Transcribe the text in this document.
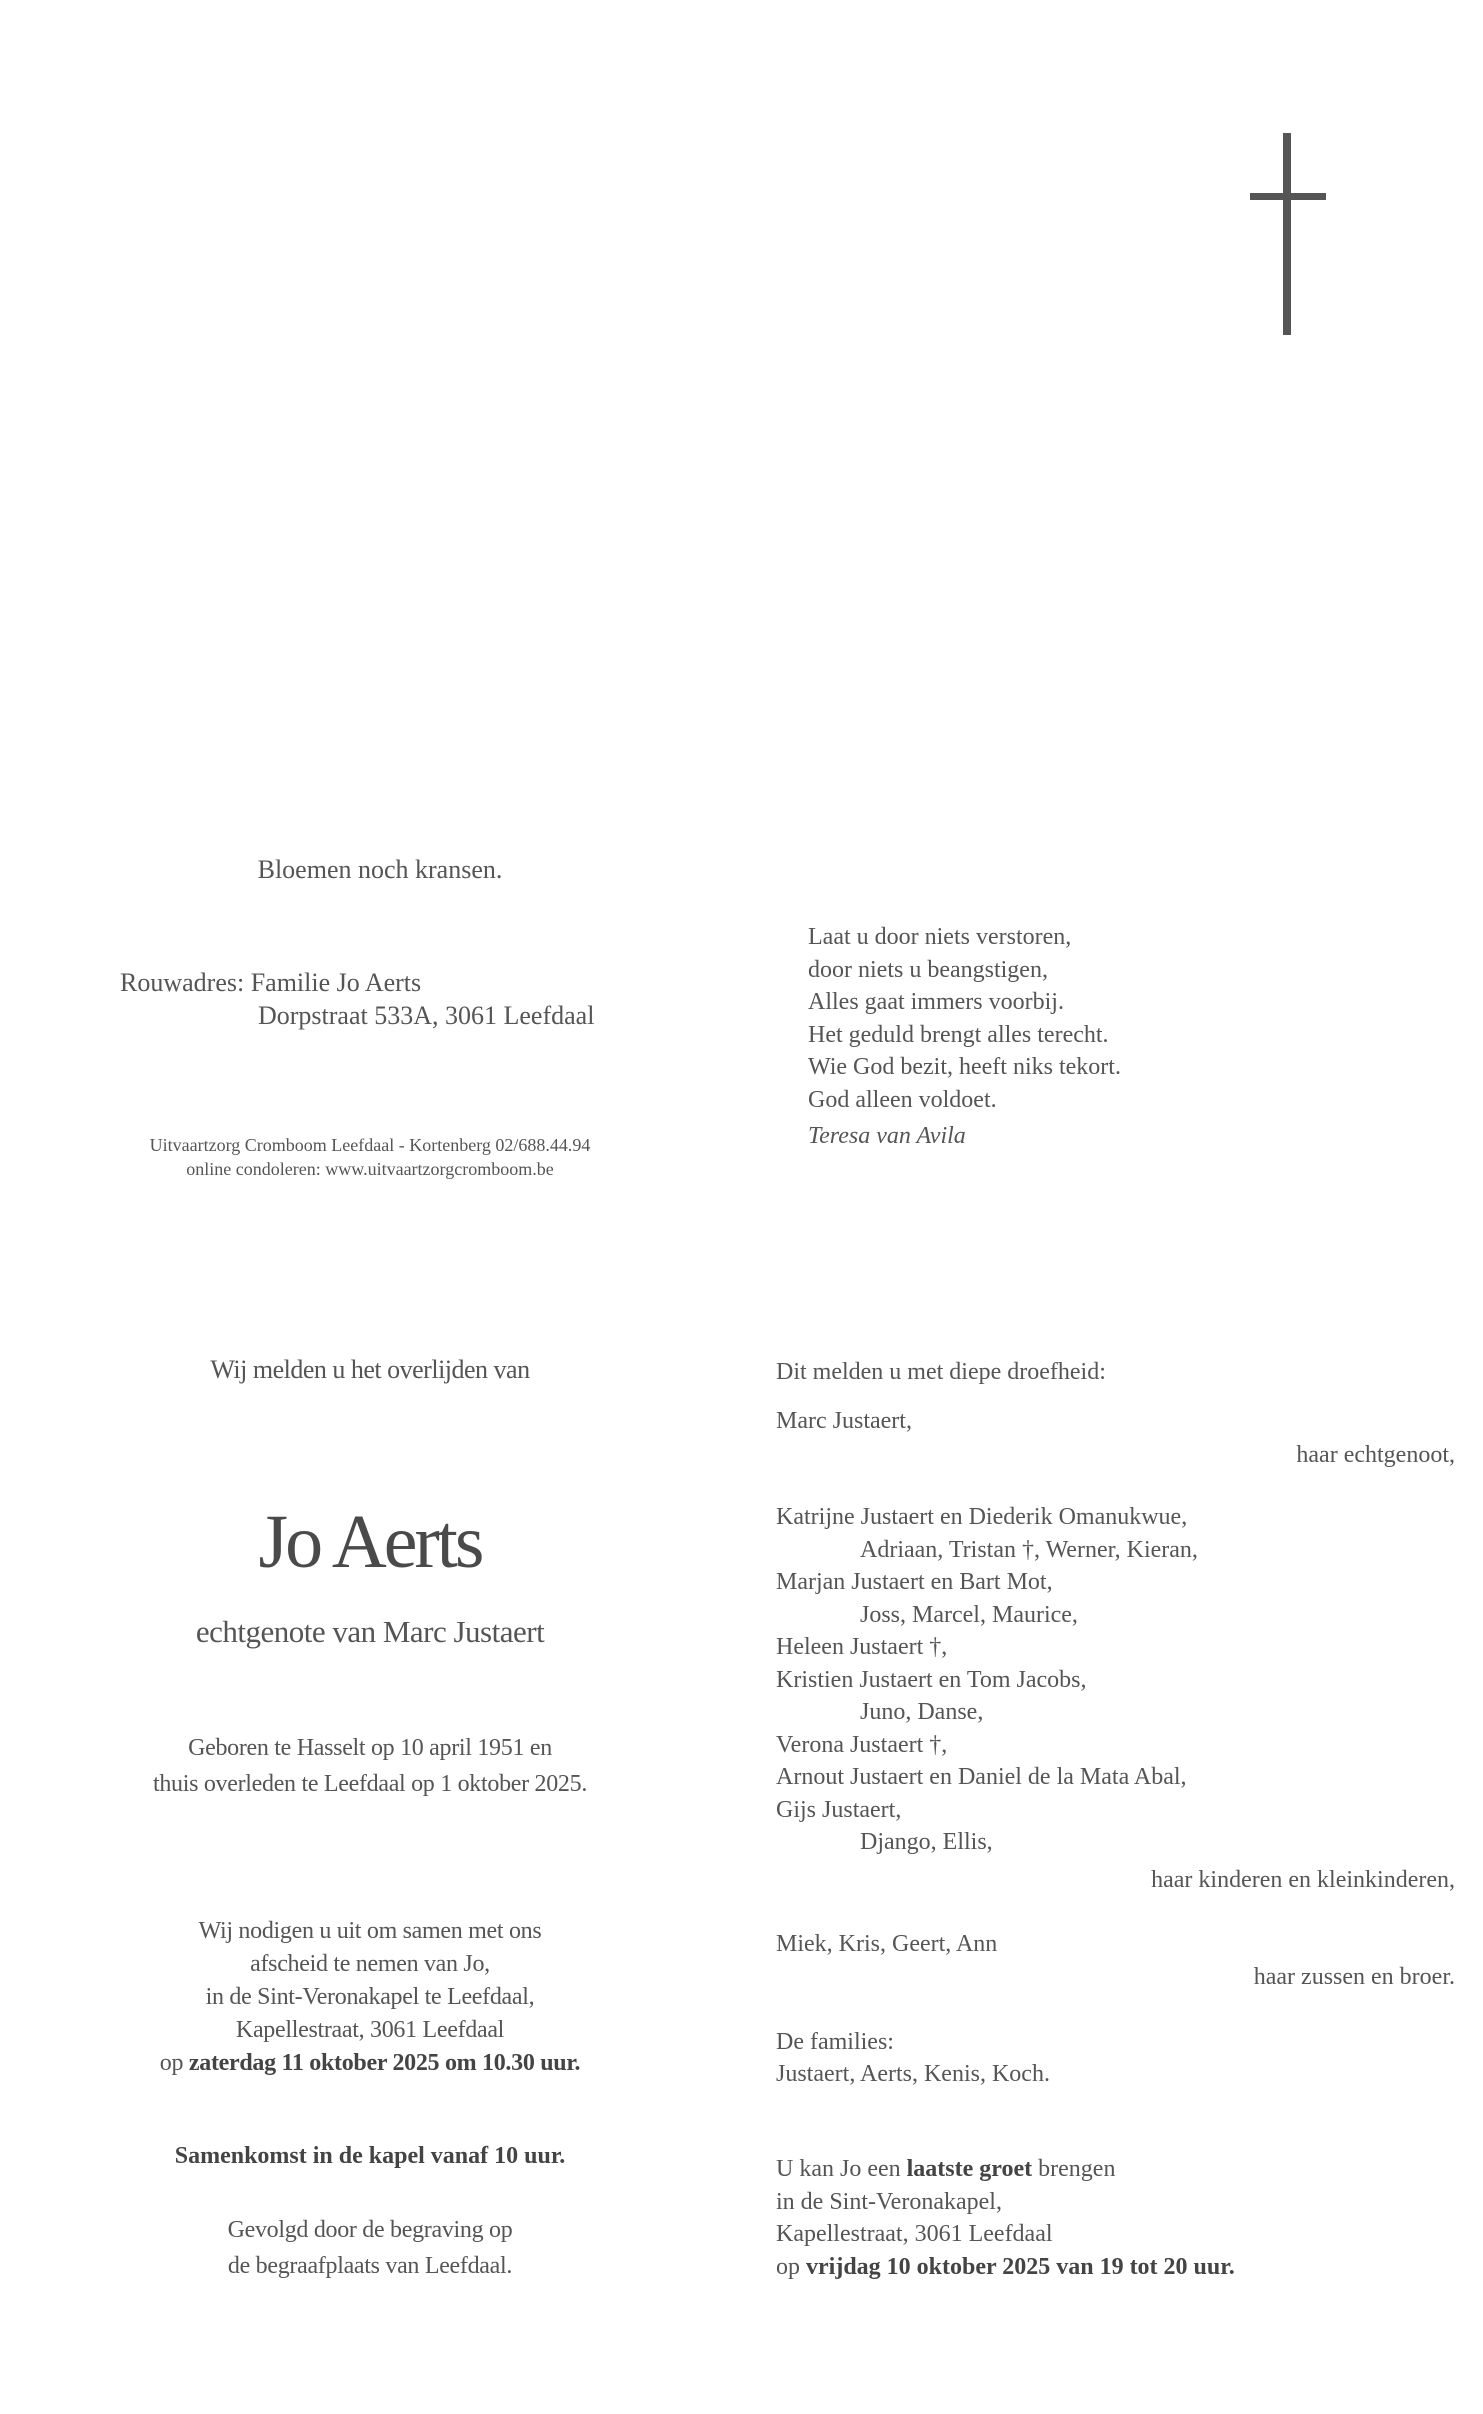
Bloemen noch kransen.
Rouwadres: Familie Jo Aerts
Dorpstraat 533A, 3061 Leefdaal
Uitvaartzorg Cromboom Leefdaal - Kortenberg 02/688.44.94
online condoleren: www.uitvaartzorgcromboom.be
Laat u door niets verstoren,
door niets u beangstigen,
Alles gaat immers voorbij.
Het geduld brengt alles terecht.
Wie God bezit, heeft niks tekort.
God alleen voldoet.
Teresa van Avila
Wij melden u het overlijden van
Jo Aerts
echtgenote van Marc Justaert
Geboren te Hasselt op 10 april 1951 en
thuis overleden te Leefdaal op 1 oktober 2025.
Wij nodigen u uit om samen met ons
afscheid te nemen van Jo,
in de Sint-Veronakapel te Leefdaal,
Kapellestraat, 3061 Leefdaal
op zaterdag 11 oktober 2025 om 10.30 uur.
Samenkomst in de kapel vanaf 10 uur.
Gevolgd door de begraving op
de begraafplaats van Leefdaal.
Dit melden u met diepe droefheid:
Marc Justaert,
haar echtgenoot,
Katrijne Justaert en Diederik Omanukwue,
Adriaan, Tristan †, Werner, Kieran,
Marjan Justaert en Bart Mot,
Joss, Marcel, Maurice,
Heleen Justaert †,
Kristien Justaert en Tom Jacobs,
Juno, Danse,
Verona Justaert †,
Arnout Justaert en Daniel de la Mata Abal,
Gijs Justaert,
Django, Ellis,
haar kinderen en kleinkinderen,
Miek, Kris, Geert, Ann
haar zussen en broer.
De families:
Justaert, Aerts, Kenis, Koch.
U kan Jo een laatste groet brengen
in de Sint-Veronakapel,
Kapellestraat, 3061 Leefdaal
op vrijdag 10 oktober 2025 van 19 tot 20 uur.
